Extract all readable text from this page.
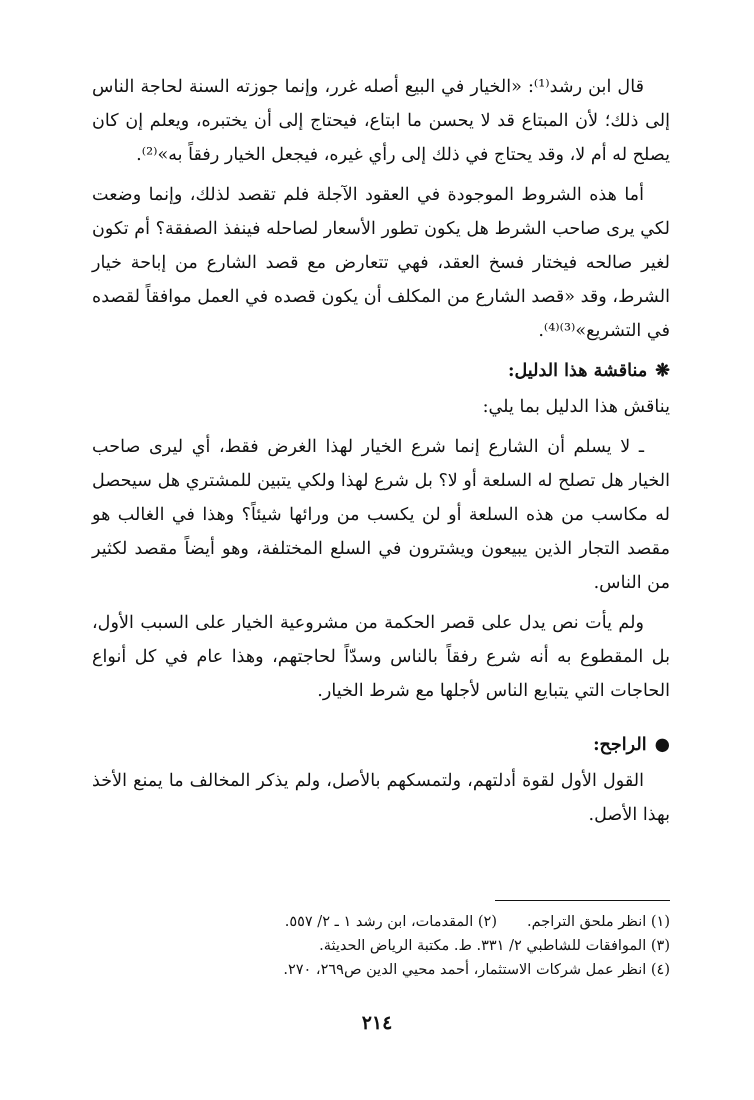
قال ابن رشد⁽¹⁾: «الخيار في البيع أصله غرر، وإنما جوزته السنة لحاجة الناس إلى ذلك؛ لأن المبتاع قد لا يحسن ما ابتاع، فيحتاج إلى أن يختبره، ويعلم إن كان يصلح له أم لا، وقد يحتاج في ذلك إلى رأي غيره، فيجعل الخيار رفقاً به»⁽²⁾.

أما هذه الشروط الموجودة في العقود الآجلة فلم تقصد لذلك، وإنما وضعت لكي يرى صاحب الشرط هل يكون تطور الأسعار لصاحله فينفذ الصفقة؟ أم تكون لغير صالحه فيختار فسخ العقد، فهي تتعارض مع قصد الشارع من إباحة خيار الشرط، وقد «قصد الشارع من المكلف أن يكون قصده في العمل موافقاً لقصده في التشريع»⁽³⁾⁽⁴⁾.

❋مناقشة هذا الدليل:

يناقش هذا الدليل بما يلي:

ـ لا يسلم أن الشارع إنما شرع الخيار لهذا الغرض فقط، أي ليرى صاحب الخيار هل تصلح له السلعة أو لا؟ بل شرع لهذا ولكي يتبين للمشتري هل سيحصل له مكاسب من هذه السلعة أو لن يكسب من ورائها شيئاً؟ وهذا في الغالب هو مقصد التجار الذين يبيعون ويشترون في السلع المختلفة، وهو أيضاً مقصد لكثير من الناس.

ولم يأت نص يدل على قصر الحكمة من مشروعية الخيار على السبب الأول، بل المقطوع به أنه شرع رفقاً بالناس وسدّاً لحاجتهم، وهذا عام في كل أنواع الحاجات التي يتبايع الناس لأجلها مع شرط الخيار.

●الراجح:

القول الأول لقوة أدلتهم، ولتمسكهم بالأصل، ولم يذكر المخالف ما يمنع الأخذ بهذا الأصل.

(١) انظر ملحق التراجم.(٢) المقدمات، ابن رشد ١ ـ ٢/ ٥٥٧.
(٣) الموافقات للشاطبي ٢/ ٣٣١. ط. مكتبة الرياض الحديثة.
(٤) انظر عمل شركات الاستثمار، أحمد محيي الدين ص٢٦٩، ٢٧٠.
٢١٤
